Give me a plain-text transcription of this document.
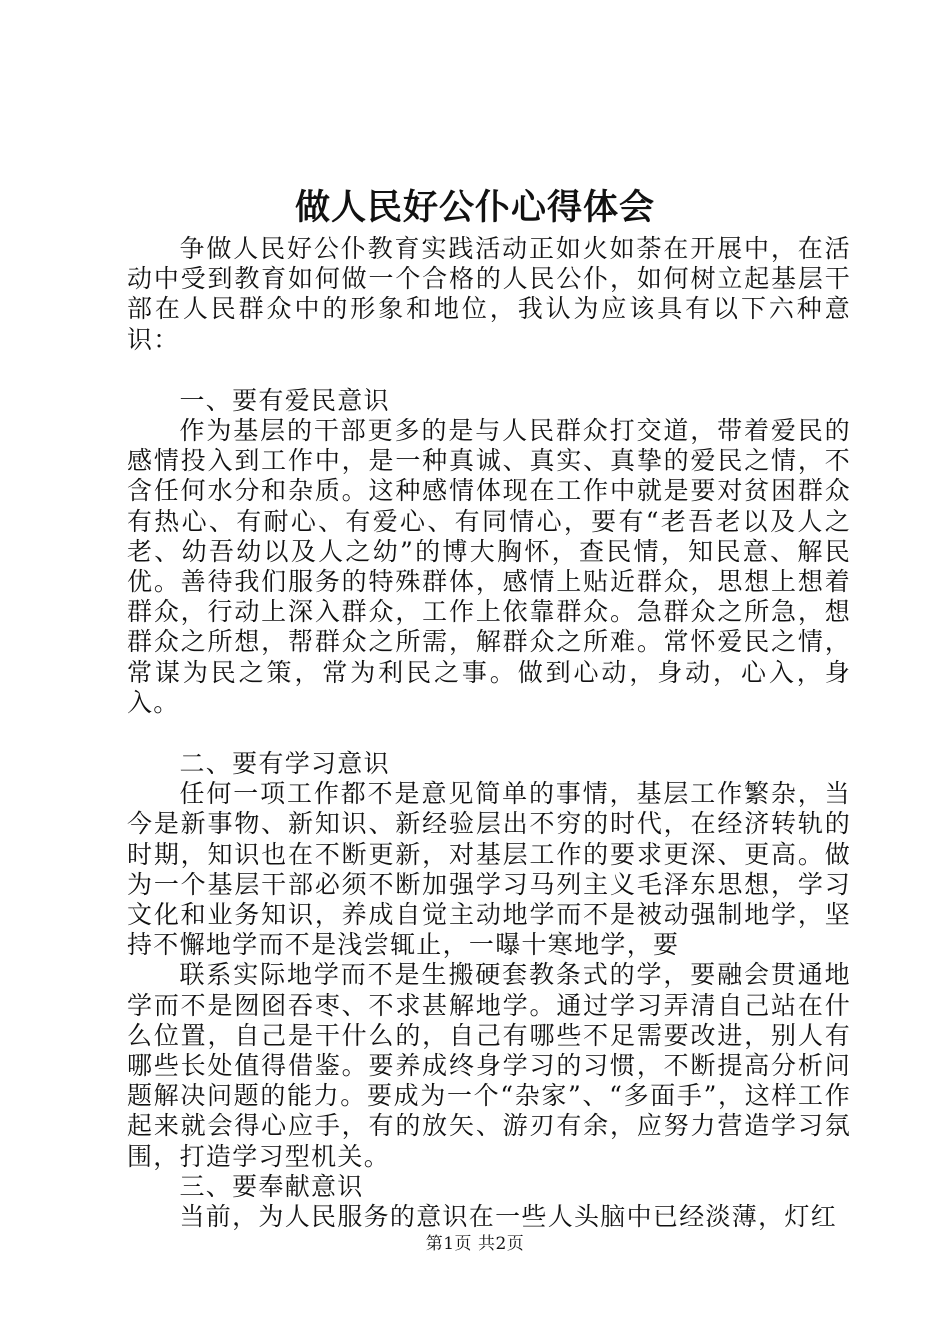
做人民好公仆心得体会

争做人民好公仆教育实践活动正如火如荼在开展中，在活动中受到教育如何做一个合格的人民公仆，如何树立起基层干部在人民群众中的形象和地位，我认为应该具有以下六种意识：

一、要有爱民意识

作为基层的干部更多的是与人民群众打交道，带着爱民的感情投入到工作中，是一种真诚、真实、真挚的爱民之情，不含任何水分和杂质。这种感情体现在工作中就是要对贫困群众有热心、有耐心、有爱心、有同情心，要有“老吾老以及人之老、幼吾幼以及人之幼”的博大胸怀，查民情，知民意、解民优。善待我们服务的特殊群体，感情上贴近群众，思想上想着群众，行动上深入群众，工作上依靠群众。急群众之所急，想群众之所想，帮群众之所需，解群众之所难。常怀爱民之情，常谋为民之策，常为利民之事。做到心动，身动，心入，身入。

二、要有学习意识

任何一项工作都不是意见简单的事情，基层工作繁杂，当今是新事物、新知识、新经验层出不穷的时代，在经济转轨的时期，知识也在不断更新，对基层工作的要求更深、更高。做为一个基层干部必须不断加强学习马列主义毛泽东思想，学习文化和业务知识，养成自觉主动地学而不是被动强制地学，坚持不懈地学而不是浅尝辄止，一曝十寒地学，要

联系实际地学而不是生搬硬套教条式的学，要融会贯通地学而不是囫囵吞枣、不求甚解地学。通过学习弄清自己站在什么位置，自己是干什么的，自己有哪些不足需要改进，别人有哪些长处值得借鉴。要养成终身学习的习惯，不断提高分析问题解决问题的能力。要成为一个“杂家”、“多面手”，这样工作起来就会得心应手，有的放矢、游刃有余，应努力营造学习氛围，打造学习型机关。

三、要奉献意识

当前，为人民服务的意识在一些人头脑中已经淡薄，灯红

第1页 共2页
